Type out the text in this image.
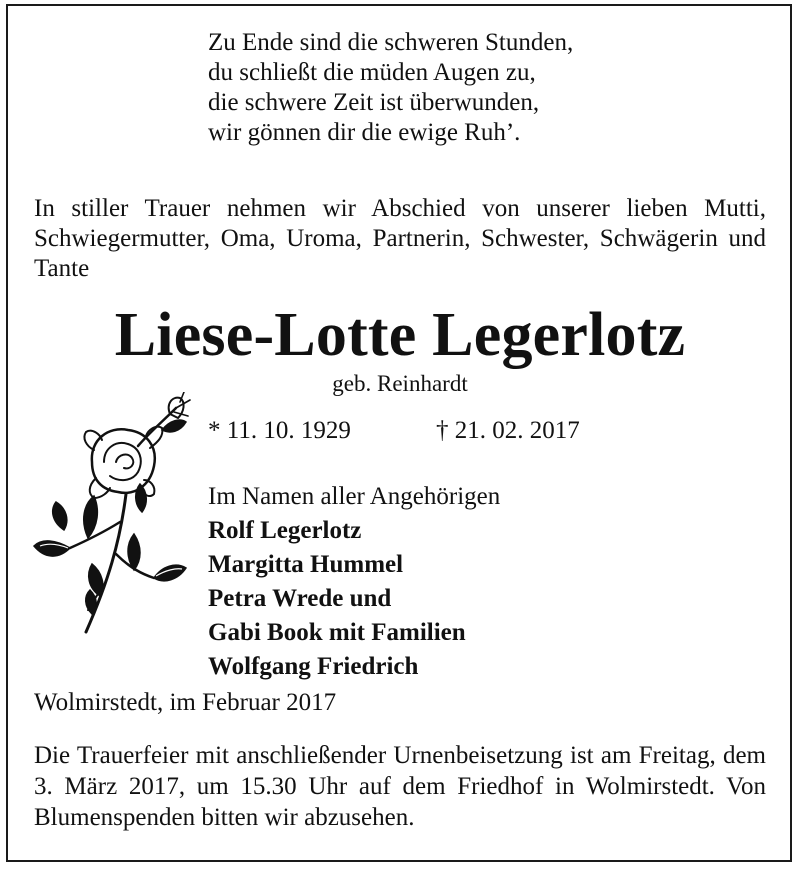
Zu Ende sind die schweren Stunden,
du schließt die müden Augen zu,
die schwere Zeit ist überwunden,
wir gönnen dir die ewige Ruh’.
In stiller Trauer nehmen wir Abschied von unserer lieben Mutti, Schwiegermutter, Oma, Uroma, Partnerin, Schwester, Schwägerin und Tante
Liese-Lotte Legerlotz
geb. Reinhardt
* 11. 10. 1929	† 21. 02. 2017
Im Namen aller Angehörigen
Rolf Legerlotz
Margitta Hummel
Petra Wrede und
Gabi Book mit Familien
Wolfgang Friedrich
Wolmirstedt, im Februar 2017
Die Trauerfeier mit anschließender Urnenbeisetzung ist am Freitag, dem 3. März 2017, um 15.30 Uhr auf dem Friedhof in Wolmirstedt. Von Blumenspenden bitten wir abzusehen.
